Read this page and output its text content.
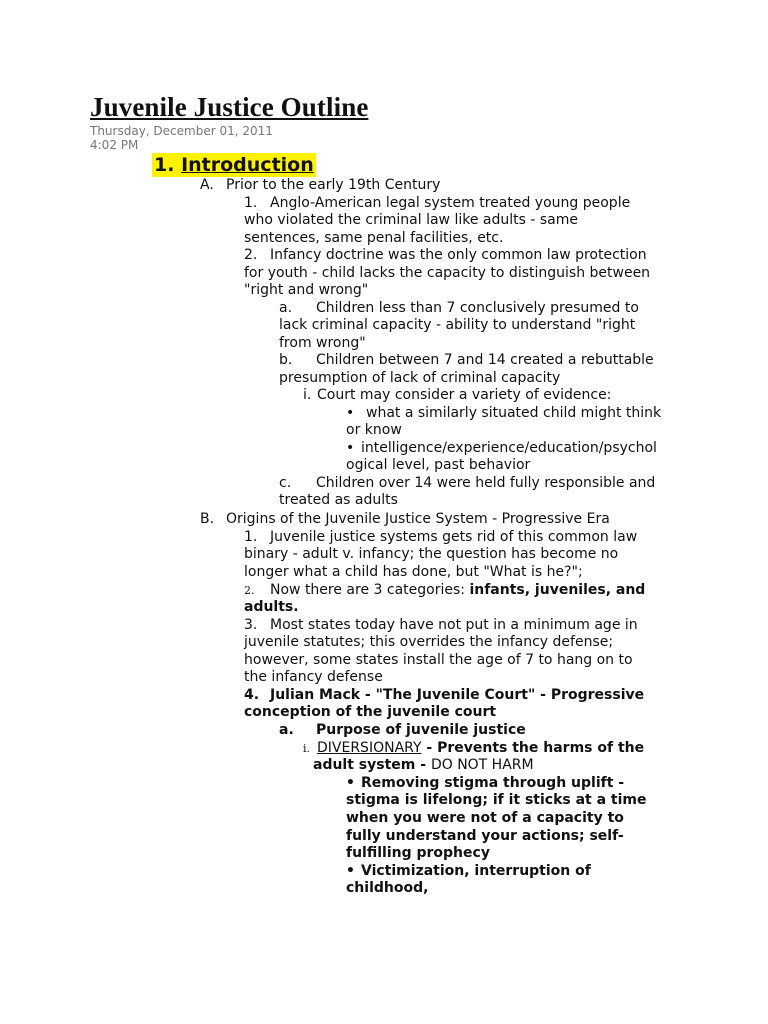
Juvenile Justice Outline
Thursday, December 01, 2011
4:02 PM
1. Introduction
A. Prior to the early 19th Century
1. Anglo-American legal system treated young people
who violated the criminal law like adults - same
sentences, same penal facilities, etc.
2. Infancy doctrine was the only common law protection
for youth - child lacks the capacity to distinguish between
"right and wrong"
a. Children less than 7 conclusively presumed to
lack criminal capacity - ability to understand "right
from wrong"
b. Children between 7 and 14 created a rebuttable
presumption of lack of criminal capacity
i. Court may consider a variety of evidence:
• what a similarly situated child might think
or know
• intelligence/experience/education/psychol
ogical level, past behavior
c. Children over 14 were held fully responsible and
treated as adults
B. Origins of the Juvenile Justice System - Progressive Era
1. Juvenile justice systems gets rid of this common law
binary - adult v. infancy; the question has become no
longer what a child has done, but "What is he?";
2. Now there are 3 categories: infants, juveniles, and
adults.
3. Most states today have not put in a minimum age in
juvenile statutes; this overrides the infancy defense;
however, some states install the age of 7 to hang on to
the infancy defense
4. Julian Mack - "The Juvenile Court" - Progressive
conception of the juvenile court
a. Purpose of juvenile justice
i. DIVERSIONARY - Prevents the harms of the
adult system - DO NOT HARM
• Removing stigma through uplift -
stigma is lifelong; if it sticks at a time
when you were not of a capacity to
fully understand your actions; self-
fulfilling prophecy
• Victimization, interruption of
childhood,
